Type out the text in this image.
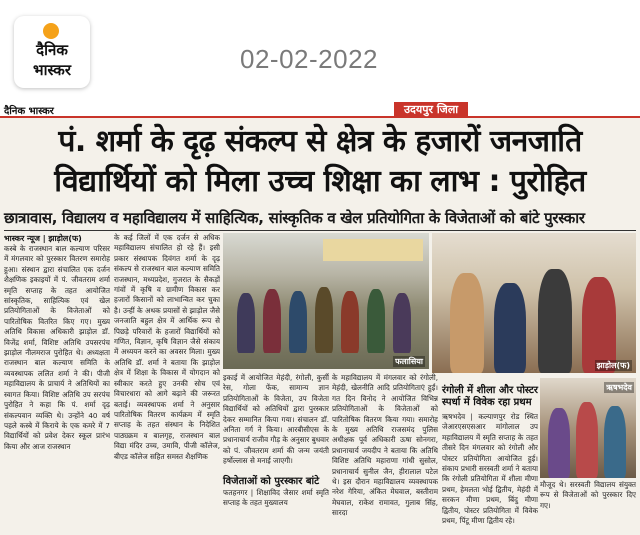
दैनिक
भास्कर	02-02-2022
दैनिक भास्कर	उदयपुर जिला
पं. शर्मा के दृढ़ संकल्प से क्षेत्र के हजारों जनजाति विद्यार्थियों को मिला उच्च शिक्षा का लाभ : पुरोहित
छात्रावास, विद्यालय व महाविद्यालय में साहित्यिक, सांस्कृतिक व खेल प्रतियोगिता के विजेताओं को बांटे पुरस्कार
भास्कर न्यूज | झाड़ोल(फ)
कस्बे के राजस्थान बाल कल्याण परिसर में मंगलवार को पुरस्कार वितरण समारोह हुआ। संस्थान द्वारा संचालित एक दर्जन शैक्षणिक इकाइयों में पं. जीवतराम शर्मा स्मृति सप्ताह के तहत आयोजित सांस्कृतिक, साहित्यिक एवं खेल प्रतियोगिताओं के विजेताओं को पारितोषिक वितरित किए गए। मुख्य अतिथि विकास अधिकारी झाड़ोल डॉ. विजेंद्र शर्मा, विशिष्ट अतिथि उपसरपंच झाड़ोल नीलमराज पुरोहित थे। अध्यक्षता राजस्थान बाल कल्याण समिति के व्यवस्थापक ललित शर्मा ने की। पीजी महाविद्यालय के प्राचार्य ने अतिथियों का स्वागत किया। विशिष्ट अतिथि उप सरपंच पुरोहित ने कहा कि पं. शर्मा दृढ़ संकल्पवान व्यक्ति थे। उन्होंने 40 वर्ष पहले कस्बे में किराये के एक कमरे में 7 विद्यार्थियों को प्रवेश देकर स्कूल प्रारंभ किया और आज राजस्थान
के कई जिलों में एक दर्जन से अधिक महाविद्यालय संचालित हो रहे हैं। इसी प्रकार संस्थापक दिवंगत शर्मा के दृढ़ संकल्प से राजस्थान बाल कल्याण समिति राजस्थान, मध्यप्रदेश, गुजरात के सैकड़ों गांवों में कृषि व ग्रामीण विकास कर हजारों किसानों को लाभान्वित कर चुका है। उन्हीं के अथक प्रयासों से झाड़ोल जैसे जनजाति बहुल क्षेत्र में आर्थिक रूप से पिछड़े परिवारों के हजारों विद्यार्थियों को गणित, विज्ञान, कृषि विज्ञान जैसे संकाय में अध्ययन करने का अवसर मिला। मुख्य अतिथि डॉ. शर्मा ने बताया कि झाड़ोल क्षेत्र में शिक्षा के विकास में योगदान को स्वीकार करते हुए उनकी सोच एवं विचारधारा को आगे बढ़ाने की जरूरत बताई। व्यवस्थापक शर्मा ने अनुसार पारितोषिक वितरण कार्यक्रम में स्मृति सप्ताह के तहत संस्थान के निदेशित पाठ्यक्रम व बालगृह, राजस्थान बाल विद्या मंदिर उच्च, उमावि, पीजी कॉलेज, बीएड कॉलेज सहित समस्त शैक्षणिक
फलासिया	झाड़ोल(फ)
इकाई में आयोजित मेहंदी, रंगोली, कुर्सी रेस, गोला फेंक, सामान्य ज्ञान प्रतियोगिताओं के विजेता, उप विजेता विद्यार्थियों को अतिथियों द्वारा पुरस्कार देकर सम्मानित किया गया। संचालन डॉ. अनिता गर्ग ने किया। आरबीसीएस के प्रधानाचार्य राजीव गौड़ के अनुसार बुधवार को पं. जीवतराम शर्मा की जन्म जयंती हर्षोल्लास से मनाई जाएगी।
विजेताओं को पुरस्कार बांटे
फतहनगर | शिक्षाविद जैसार शर्मा स्मृति सप्ताह के तहत मुख्यालय
के महाविद्यालय में मंगलवार को रंगोली, मेहंदी, खेलनीति आदि प्रतियोगिताएं हुईं। गत दिन विनोद ने आयोजित विभिन्न प्रतियोगिताओं के विजेताओं को पारितोषिक वितरण किया गया। समारोह के मुख्य अतिथि राजसमंद पुलिस अधीक्षक पूर्व अधिकारी ऊषा सोनगरा, प्रधानाचार्य जयदीप ने बताया कि अतिथि विशिष्ट अतिथि महाराणा गांधी सुसोल, प्रधानाचार्य सुनील जैन, हीरालाल पटेल थे। इस दौरान महाविद्यालय व्यवस्थापक नरेश गेरिया, अंकित मेघवाल, बस्तीराम मेघवाल, राकेश रामावत, गुलाब सिंह, सारदा
रंगोली में शीला और पोस्टर स्पर्धा में विवेक रहा प्रथम
ऋषभदेव | कल्याणपुर रोड स्थित जेआरएसएसआर मांगोलाल उप महाविद्यालय में स्मृति सप्ताह के तहत तीसरे दिन मंगलवार को रंगोली और पोस्टर प्रतियोगिता आयोजित हुई। संकाय प्रभारी सरस्वती शर्मा ने बताया कि रंगोली प्रतियोगिता में शीला मीणा प्रथम, हेमलता भोई द्वितीय, मेहंदी में सरकन मीणा प्रथम, बिंदु मीणा द्वितीय, पोस्टर प्रतियोगिता में विवेक प्रथम, पिंटू मीणा द्वितीय रहे।
ऋषभदेव
मौजूद थे। सरस्वती विद्यालय संयुक्त रूप से विजेताओं को पुरस्कार दिए गए।
